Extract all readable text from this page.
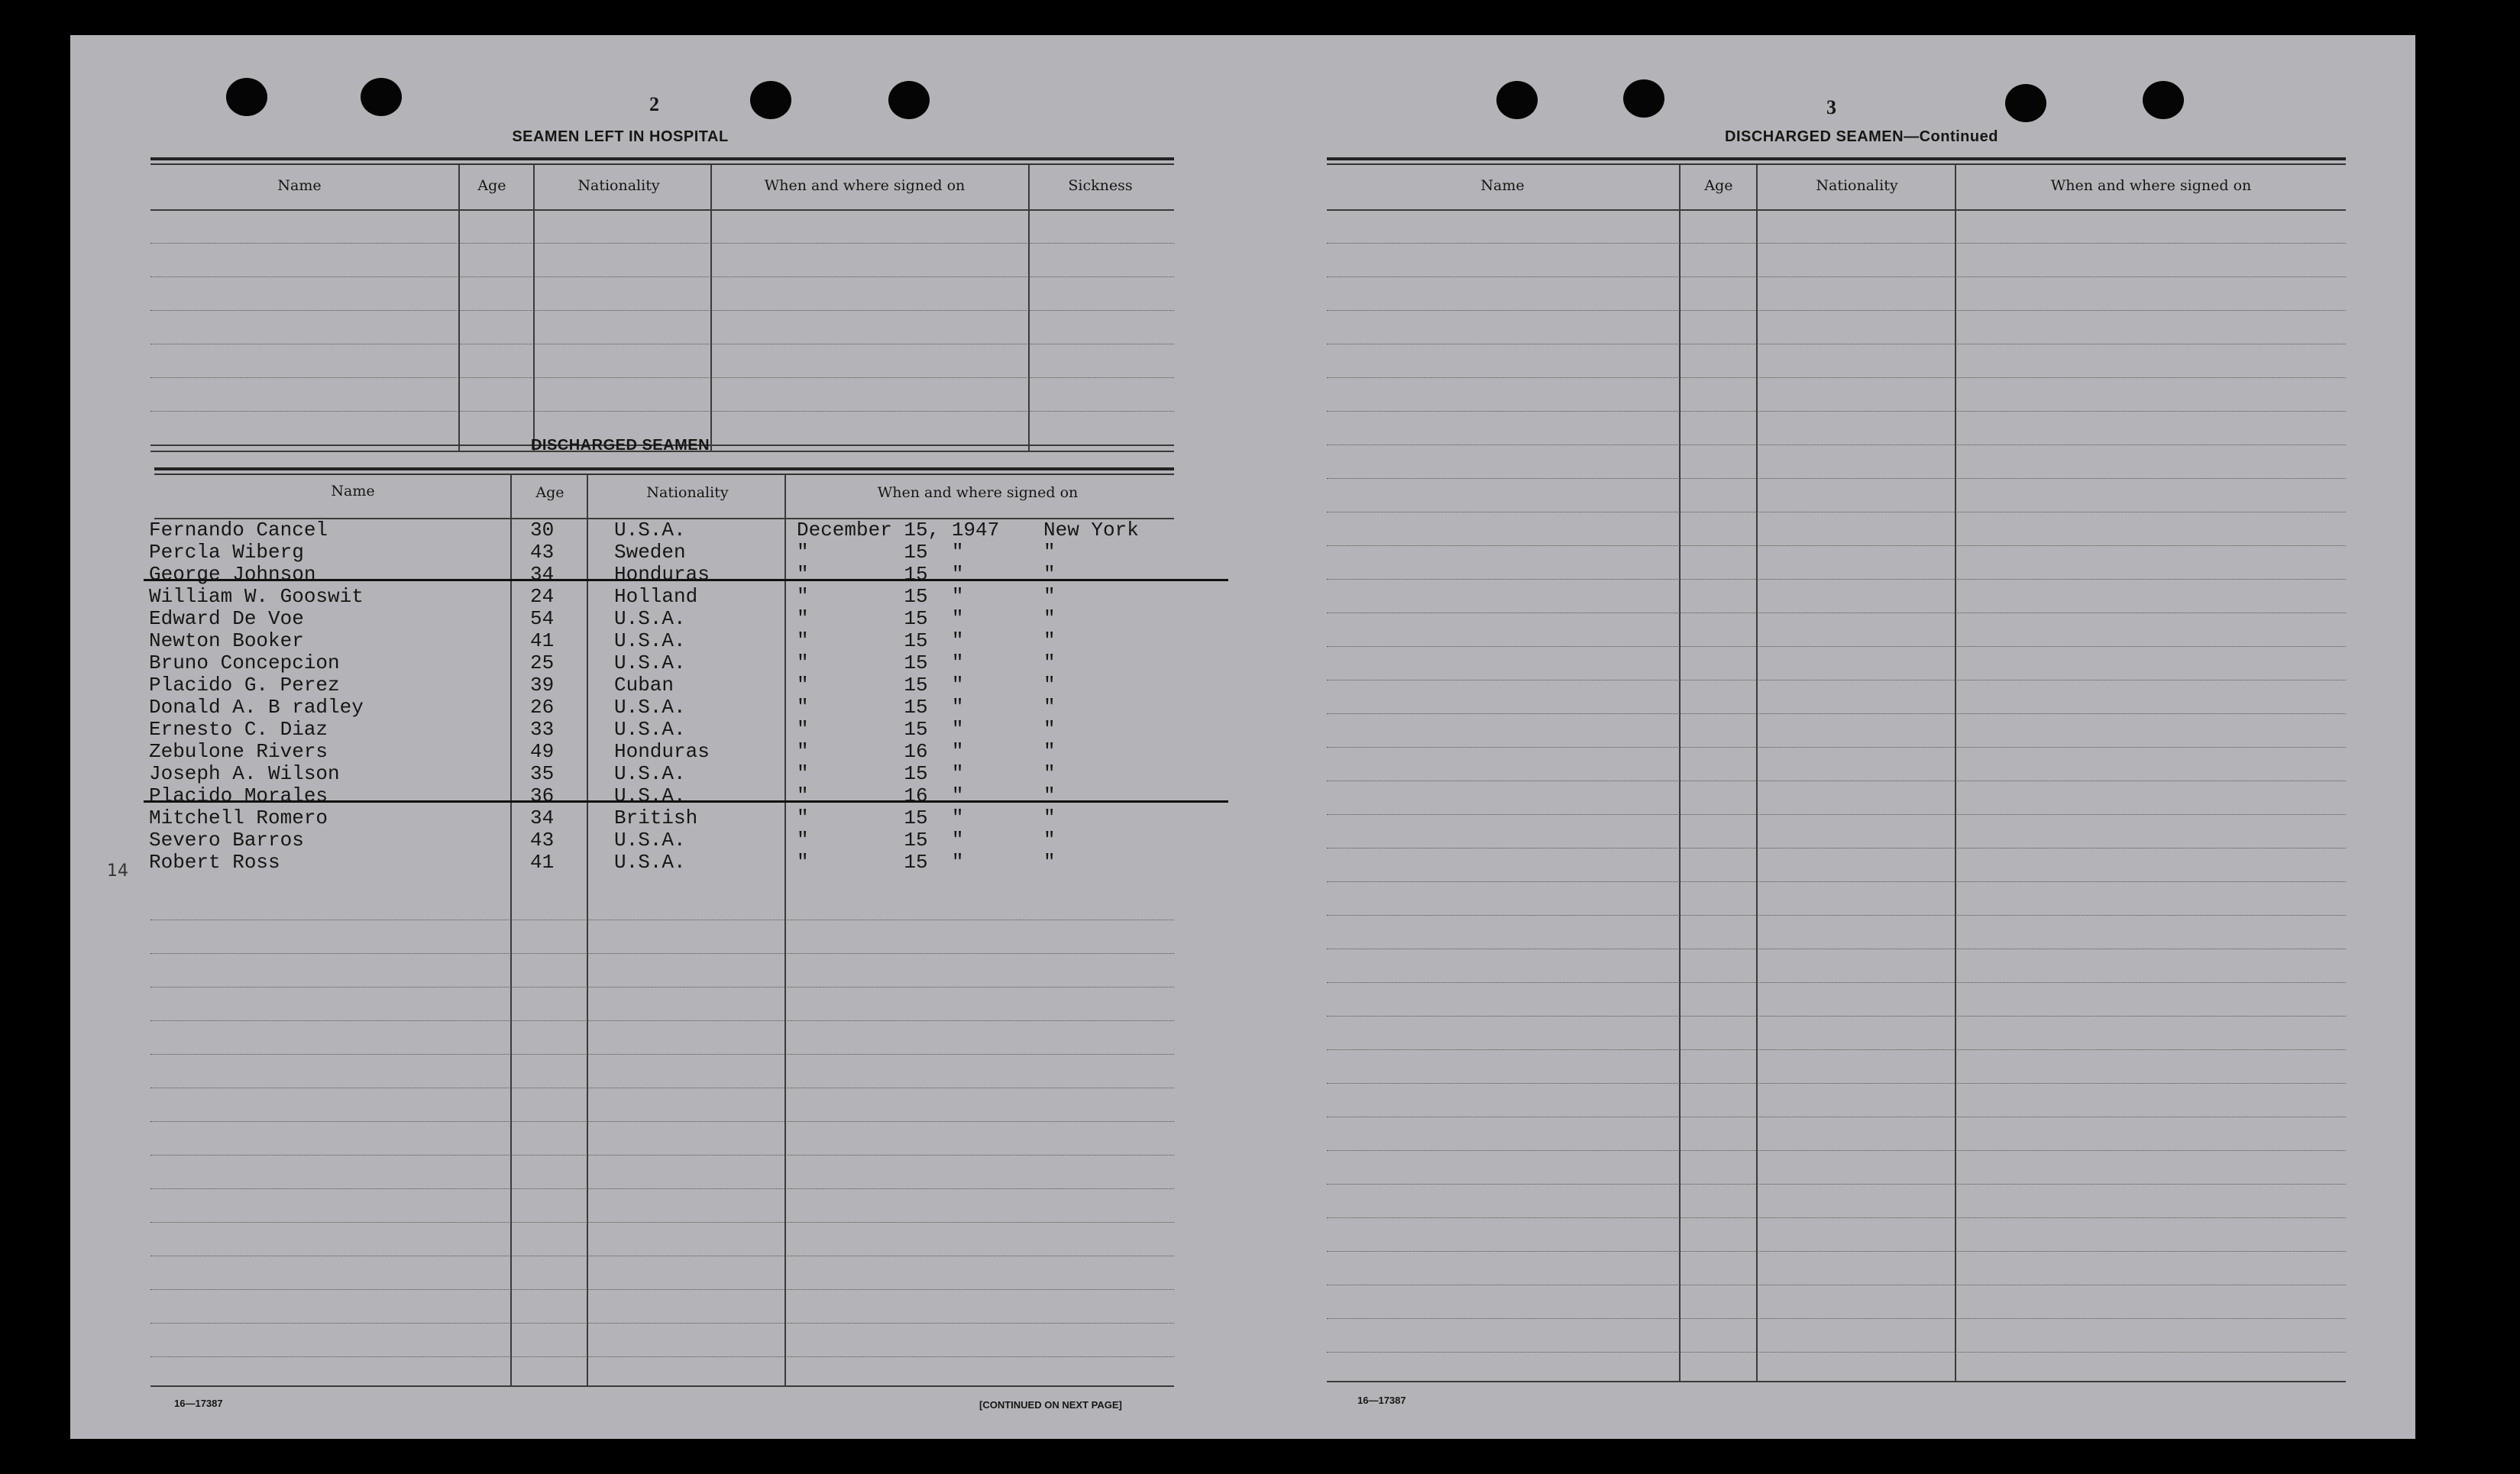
2
SEAMEN LEFT IN HOSPITAL
Name	Age	Nationality	When and where signed on	Sickness
DISCHARGED SEAMEN
Name	Age	Nationality	When and where signed on
Fernando Cancel	30	U.S.A.	December 15, 1947 New York
Percla Wiberg	43	Sweden	"        15  "	"
George Johnson	34	Honduras	"        15  "	"
William W. Gooswit	24	Holland	"        15  "	"
Edward De Voe	54	U.S.A.	"        15  "	"
Newton Booker	41	U.S.A.	"        15  "	"
Bruno Concepcion	25	U.S.A.	"        15  "	"
Placido G. Perez	39	Cuban	"        15  "	"
Donald A. B radley	26	U.S.A.	"        15  "	"
Ernesto C. Diaz	33	U.S.A.	"        15  "	"
Zebulone Rivers	49	Honduras	"        16  "	"
Joseph A. Wilson	35	U.S.A.	"        15  "	"
Placido Morales	36	U.S.A.	"        16  "	"
Mitchell Romero	34	British	"        15  "	"
Severo Barros	43	U.S.A.	"        15  "	"
Robert Ross	41	U.S.A.	"        15  "	"
14
16—17387	[CONTINUED ON NEXT PAGE]
3
DISCHARGED SEAMEN—Continued
Name	Age	Nationality	When and where signed on
16—17387
